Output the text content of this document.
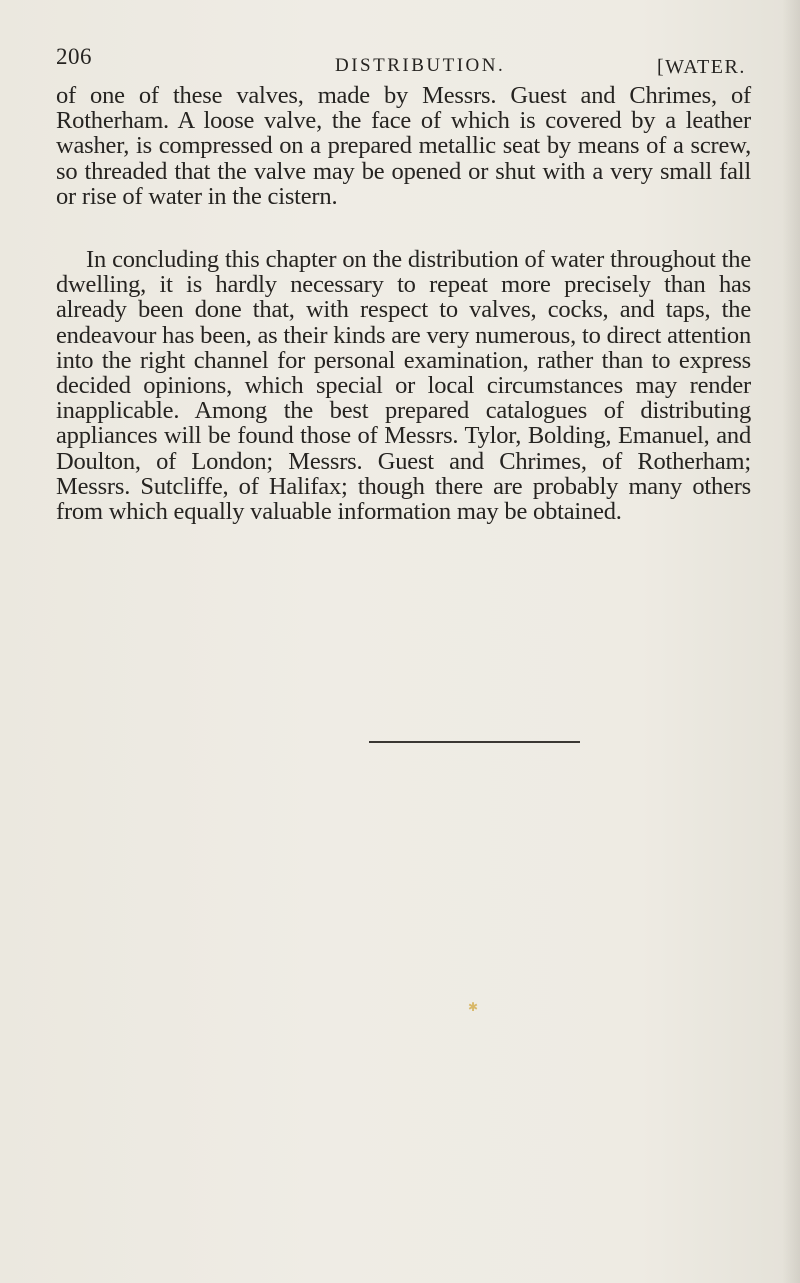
206	DISTRIBUTION.	[WATER.

of one of these valves, made by Messrs. Guest and Chrimes, of Rotherham. A loose valve, the face of which is covered by a leather washer, is compressed on a prepared metallic seat by means of a screw, so threaded that the valve may be opened or shut with a very small fall or rise of water in the cistern.

In concluding this chapter on the distribution of water throughout the dwelling, it is hardly necessary to repeat more precisely than has already been done that, with respect to valves, cocks, and taps, the endeavour has been, as their kinds are very numerous, to direct attention into the right channel for personal examination, rather than to express decided opinions, which special or local circumstances may render inapplicable. Among the best prepared catalogues of distributing appliances will be found those of Messrs. Tylor, Bolding, Emanuel, and Doulton, of London; Messrs. Guest and Chrimes, of Rotherham; Messrs. Sutcliffe, of Halifax; though there are probably many others from which equally valuable information may be obtained.

✱
